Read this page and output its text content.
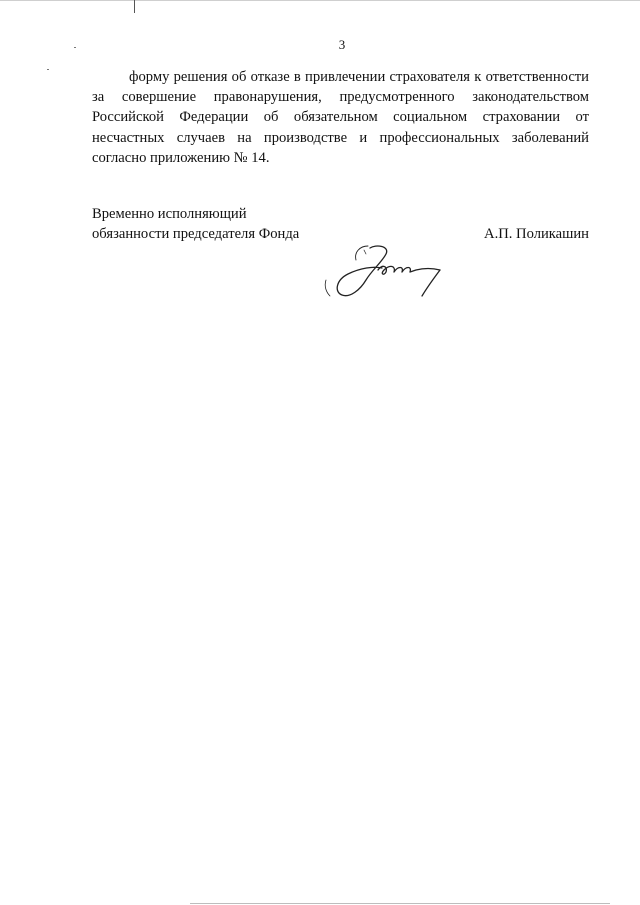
3

форму решения об отказе в привлечении страхователя к ответственности за совершение правонарушения, предусмотренного законодательством Российской Федерации об обязательном социальном страховании от несчастных случаев на производстве и профессиональных заболеваний согласно приложению № 14.

Временно исполняющий
обязанности председателя Фонда	А.П. Поликашин
